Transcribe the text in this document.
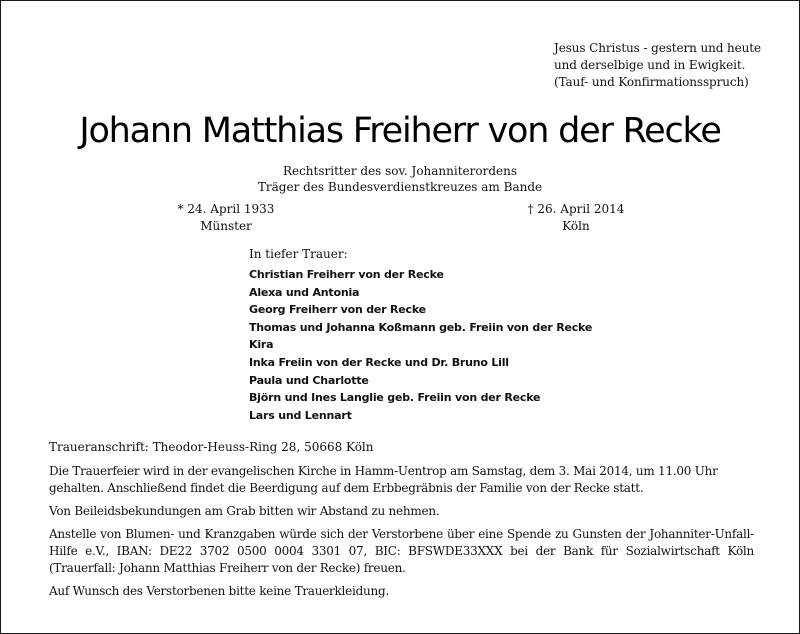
Jesus Christus - gestern und heute
und derselbige und in Ewigkeit.
(Tauf- und Konfirmationsspruch)
Johann Matthias Freiherr von der Recke
Rechtsritter des sov. Johanniterordens
Träger des Bundesverdienstkreuzes am Bande
* 24. April 1933
Münster
† 26. April 2014
Köln
In tiefer Trauer:
Christian Freiherr von der Recke
Alexa und Antonia
Georg Freiherr von der Recke
Thomas und Johanna Koßmann geb. Freiin von der Recke
Kira
Inka Freiin von der Recke und Dr. Bruno Lill
Paula und Charlotte
Björn und Ines Langlie geb. Freiin von der Recke
Lars und Lennart
Traueranschrift: Theodor-Heuss-Ring 28, 50668 Köln

Die Trauerfeier wird in der evangelischen Kirche in Hamm-Uentrop am Samstag, dem 3. Mai 2014, um 11.00 Uhr gehalten. Anschließend findet die Beerdigung auf dem Erbbegräbnis der Familie von der Recke statt.

Von Beileidsbekundungen am Grab bitten wir Abstand zu nehmen.

Anstelle von Blumen- und Kranzgaben würde sich der Verstorbene über eine Spende zu Gunsten der Johanniter-Unfall-Hilfe e.V., IBAN: DE22 3702 0500 0004 3301 07, BIC: BFSWDE33XXX bei der Bank für Sozialwirtschaft Köln (Trauerfall: Johann Matthias Freiherr von der Recke) freuen.

Auf Wunsch des Verstorbenen bitte keine Trauerkleidung.
